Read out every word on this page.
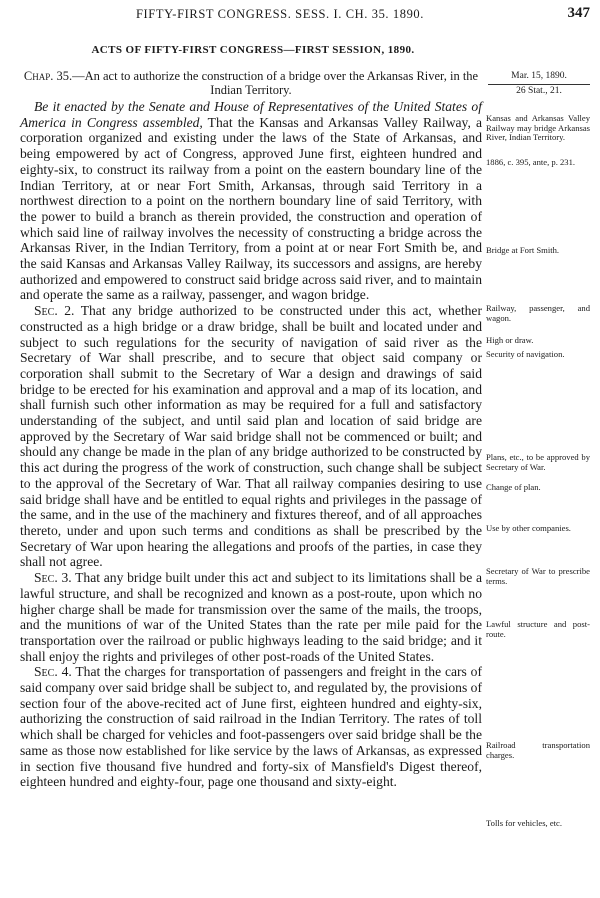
FIFTY-FIRST CONGRESS. SESS. I. CH. 35. 1890.	347
ACTS OF FIFTY-FIRST CONGRESS—FIRST SESSION, 1890.
Chap. 35.—An act to authorize the construction of a bridge over the Arkansas River, in the Indian Territory.
Mar. 15, 1890.
26 Stat., 21.

Be it enacted by the Senate and House of Representatives of the United States of America in Congress assembled, That the Kansas and Arkansas Valley Railway, a corporation organized and existing under the laws of the State of Arkansas, and being empowered by act of Congress, approved June first, eighteen hundred and eighty-six, to construct its railway from a point on the eastern boundary line of the Indian Territory, at or near Fort Smith, Arkansas, through said Territory in a northwest direction to a point on the northern boundary line of said Territory, with the power to build a branch as therein provided, the construction and operation of which said line of railway involves the necessity of constructing a bridge across the Arkansas River, in the Indian Territory, from a point at or near Fort Smith be, and the said Kansas and Arkansas Valley Railway, its successors and assigns, are hereby authorized and empowered to construct said bridge across said river, and to maintain and operate the same as a railway, passenger, and wagon bridge.

Sec. 2. That any bridge authorized to be constructed under this act, whether constructed as a high bridge or a draw bridge, shall be built and located under and subject to such regulations for the security of navigation of said river as the Secretary of War shall prescribe, and to secure that object said company or corporation shall submit to the Secretary of War a design and drawings of said bridge to be erected for his examination and approval and a map of its location, and shall furnish such other information as may be required for a full and satisfactory understanding of the subject, and until said plan and location of said bridge are approved by the Secretary of War said bridge shall not be commenced or built; and should any change be made in the plan of any bridge authorized to be constructed by this act during the progress of the work of construction, such change shall be subject to the approval of the Secretary of War. That all railway companies desiring to use said bridge shall have and be entitled to equal rights and privileges in the passage of the same, and in the use of the machinery and fixtures thereof, and of all approaches thereto, under and upon such terms and conditions as shall be prescribed by the Secretary of War upon hearing the allegations and proofs of the parties, in case they shall not agree.

Sec. 3. That any bridge built under this act and subject to its limitations shall be a lawful structure, and shall be recognized and known as a post-route, upon which no higher charge shall be made for transmission over the same of the mails, the troops, and the munitions of war of the United States than the rate per mile paid for the transportation over the railroad or public highways leading to the said bridge; and it shall enjoy the rights and privileges of other post-roads of the United States.

Sec. 4. That the charges for transportation of passengers and freight in the cars of said company over said bridge shall be subject to, and regulated by, the provisions of section four of the above-recited act of June first, eighteen hundred and eighty-six, authorizing the construction of said railroad in the Indian Territory. The rates of toll which shall be charged for vehicles and foot-passengers over said bridge shall be the same as those now established for like service by the laws of Arkansas, as expressed in section five thousand five hundred and forty-six of Mansfield's Digest thereof, eighteen hundred and eighty-four, page one thousand and sixty-eight.

Kansas and Arkansas Valley Railway may bridge Arkansas River, Indian Territory.
1886, c. 395, ante, p. 231.
Bridge at Fort Smith.
Railway, passenger, and wagon.
High or draw.
Security of navigation.
Plans, etc., to be approved by Secretary of War.
Change of plan.
Use by other companies.
Secretary of War to prescribe terms.
Lawful structure and post-route.
Railroad transportation charges.
Tolls for vehicles, etc.
